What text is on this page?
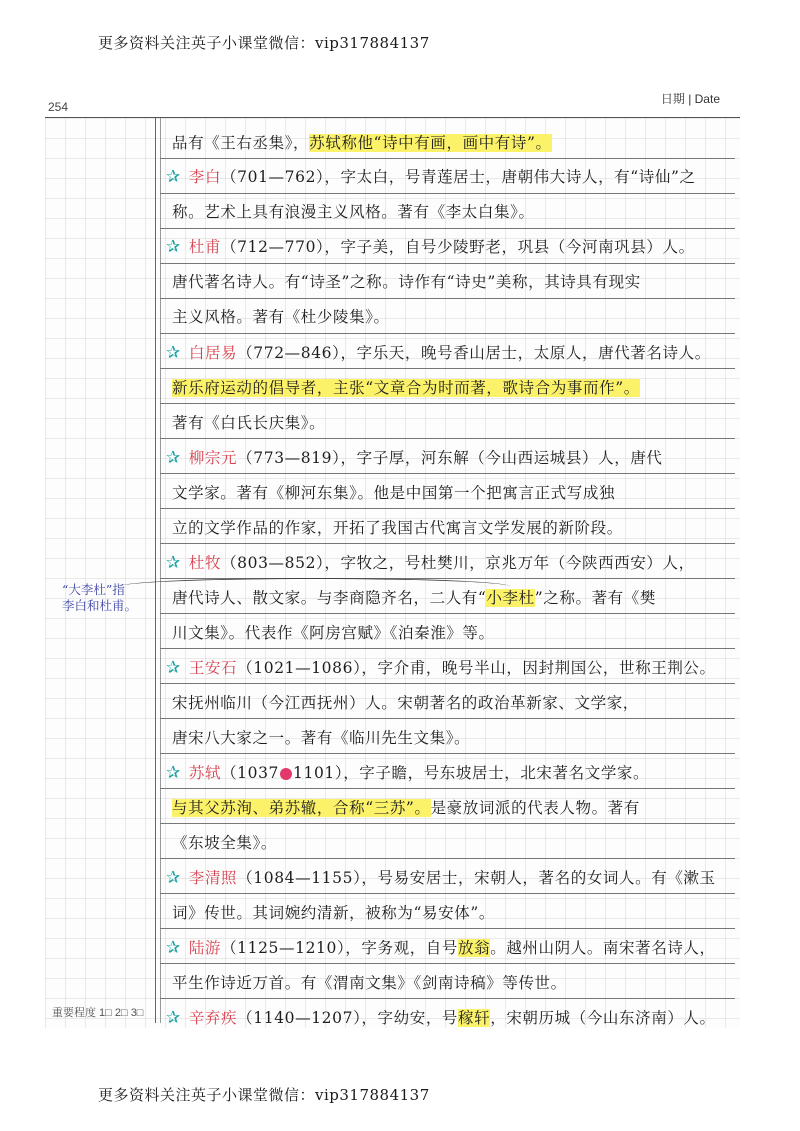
更多资料关注英子小课堂微信：vip317884137
254
日期 | Date
品有《王右丞集》，苏轼称他“诗中有画，画中有诗”。
✰ 李白（701—762），字太白，号青莲居士，唐朝伟大诗人，有“诗仙”之
称。艺术上具有浪漫主义风格。著有《李太白集》。
✰ 杜甫（712—770），字子美，自号少陵野老，巩县（今河南巩县）人。
唐代著名诗人。有“诗圣”之称。诗作有“诗史”美称，其诗具有现实
主义风格。著有《杜少陵集》。
✰ 白居易（772—846），字乐天，晚号香山居士，太原人，唐代著名诗人。
新乐府运动的倡导者，主张“文章合为时而著，歌诗合为事而作”。
著有《白氏长庆集》。
✰ 柳宗元（773—819），字子厚，河东解（今山西运城县）人，唐代
文学家。著有《柳河东集》。他是中国第一个把寓言正式写成独
立的文学作品的作家，开拓了我国古代寓言文学发展的新阶段。
✰ 杜牧（803—852），字牧之，号杜樊川，京兆万年（今陕西西安）人，
唐代诗人、散文家。与李商隐齐名，二人有“小李杜”之称。著有《樊
川文集》。代表作《阿房宫赋》《泊秦淮》等。
“大李杜”指
李白和杜甫。
✰ 王安石（1021—1086），字介甫，晚号半山，因封荆国公，世称王荆公。
宋抚州临川（今江西抚州）人。宋朝著名的政治革新家、文学家，
唐宋八大家之一。著有《临川先生文集》。
✰ 苏轼（1037 1101），字子瞻，号东坡居士，北宋著名文学家。
与其父苏洵、弟苏辙，合称“三苏”。是豪放词派的代表人物。著有
《东坡全集》。
✰ 李清照（1084—1155），号易安居士，宋朝人，著名的女词人。有《漱玉
词》传世。其词婉约清新，被称为“易安体”。
✰ 陆游（1125—1210），字务观，自号放翁。越州山阴人。南宋著名诗人，
平生作诗近万首。有《渭南文集》《剑南诗稿》等传世。
✰ 辛弃疾（1140—1207），字幼安，号稼轩，宋朝历城（今山东济南）人。
重要程度 1□ 2□ 3□
更多资料关注英子小课堂微信：vip317884137
